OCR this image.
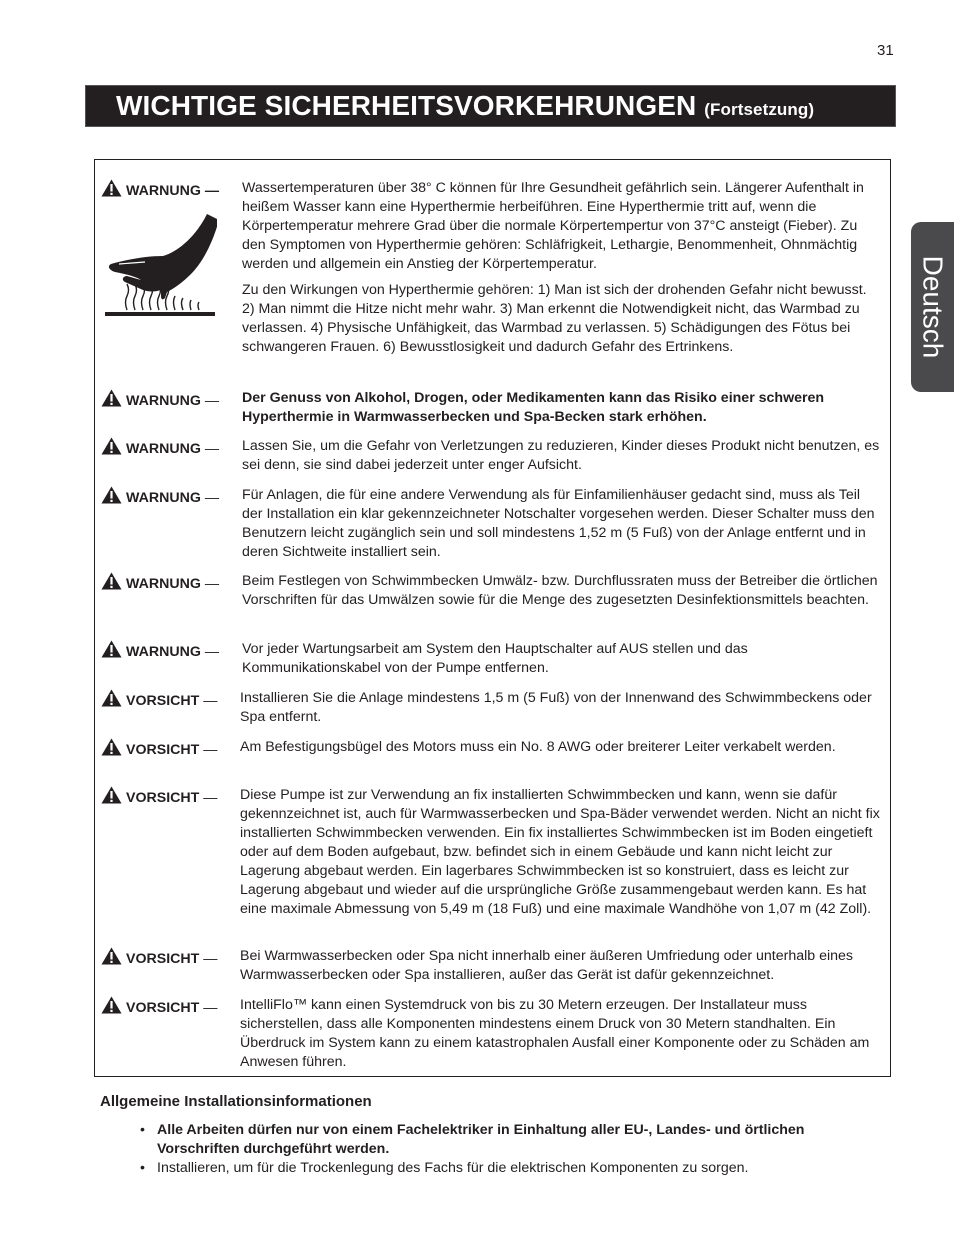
31
WICHTIGE SICHERHEITSVORKEHRUNGEN (Fortsetzung)
Deutsch
WARNUNG — Wassertemperaturen über 38° C können für Ihre Gesundheit gefährlich sein. Längerer Aufenthalt in heißem Wasser kann eine Hyperthermie herbeiführen. Eine Hyperthermie tritt auf, wenn die Körpertemperatur mehrere Grad über die normale Körpertempertur von 37°C ansteigt (Fieber). Zu den Symptomen von Hyperthermie gehören: Schläfrigkeit, Lethargie, Benommenheit, Ohnmächtig werden und allgemein ein Anstieg der Körpertemperatur.

Zu den Wirkungen von Hyperthermie gehören: 1) Man ist sich der drohenden Gefahr nicht bewusst. 2) Man nimmt die Hitze nicht mehr wahr. 3) Man erkennt die Notwendigkeit nicht, das Warmbad zu verlassen. 4) Physische Unfähigkeit, das Warmbad zu verlassen. 5) Schädigungen des Fötus bei schwangeren Frauen. 6) Bewusstlosigkeit und dadurch Gefahr des Ertrinkens.

WARNUNG — Der Genuss von Alkohol, Drogen, oder Medikamenten kann das Risiko einer schweren Hyperthermie in Warmwasserbecken und Spa-Becken stark erhöhen.

WARNUNG — Lassen Sie, um die Gefahr von Verletzungen zu reduzieren, Kinder dieses Produkt nicht benutzen, es sei denn, sie sind dabei jederzeit unter enger Aufsicht.

WARNUNG — Für Anlagen, die für eine andere Verwendung als für Einfamilienhäuser gedacht sind, muss als Teil der Installation ein klar gekennzeichneter Notschalter vorgesehen werden. Dieser Schalter muss den Benutzern leicht zugänglich sein und soll mindestens 1,52 m (5 Fuß) von der Anlage entfernt und in deren Sichtweite installiert sein.

WARNUNG — Beim Festlegen von Schwimmbecken Umwälz- bzw. Durchflussraten muss der Betreiber die örtlichen Vorschriften für das Umwälzen sowie für die Menge des zugesetzten Desinfektionsmittels beachten.

WARNUNG — Vor jeder Wartungsarbeit am System den Hauptschalter auf AUS stellen und das Kommunikationskabel von der Pumpe entfernen.

VORSICHT — Installieren Sie die Anlage mindestens 1,5 m (5 Fuß) von der Innenwand des Schwimmbeckens oder Spa entfernt.

VORSICHT — Am Befestigungsbügel des Motors muss ein No. 8 AWG oder breiterer Leiter verkabelt werden.

VORSICHT — Diese Pumpe ist zur Verwendung an fix installierten Schwimmbecken und kann, wenn sie dafür gekennzeichnet ist, auch für Warmwasserbecken und Spa-Bäder verwendet werden. Nicht an nicht fix installierten Schwimmbecken verwenden. Ein fix installiertes Schwimmbecken ist im Boden eingetieft oder auf dem Boden aufgebaut, bzw. befindet sich in einem Gebäude und kann nicht leicht zur Lagerung abgebaut werden. Ein lagerbares Schwimmbecken ist so konstruiert, dass es leicht zur Lagerung abgebaut und wieder auf die ursprüngliche Größe zusammengebaut werden kann. Es hat eine maximale Abmessung von 5,49 m (18 Fuß) und eine maximale Wandhöhe von 1,07 m (42 Zoll).

VORSICHT — Bei Warmwasserbecken oder Spa nicht innerhalb einer äußeren Umfriedung oder unterhalb eines Warmwasserbecken oder Spa installieren, außer das Gerät ist dafür gekennzeichnet.

VORSICHT — IntelliFlo™ kann einen Systemdruck von bis zu 30 Metern erzeugen. Der Installateur muss sicherstellen, dass alle Komponenten mindestens einem Druck von 30 Metern standhalten. Ein Überdruck im System kann zu einem katastrophalen Ausfall einer Komponente oder zu Schäden am Anwesen führen.

Allgemeine Installationsinformationen
• Alle Arbeiten dürfen nur von einem Fachelektriker in Einhaltung aller EU-, Landes- und örtlichen Vorschriften durchgeführt werden.
• Installieren, um für die Trockenlegung des Fachs für die elektrischen Komponenten zu sorgen.
